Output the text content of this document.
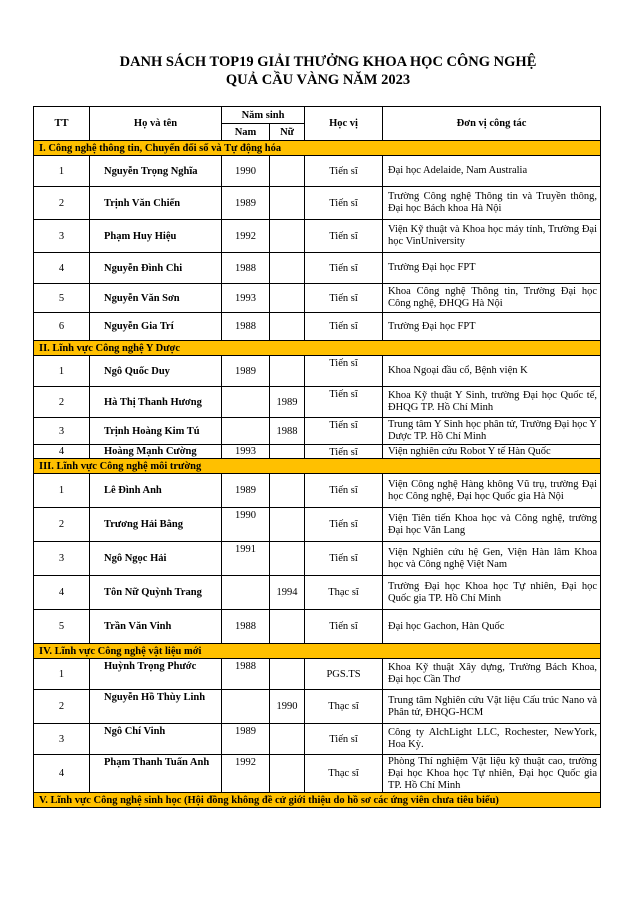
DANH SÁCH TOP19 GIẢI THƯỞNG KHOA HỌC CÔNG NGHỆ
QUẢ CẦU VÀNG NĂM 2023
TT	Họ và tên	Năm sinh		Học vị	Đơn vị công tác
		Nam	Nữ		
I. Công nghệ thông tin, Chuyển đổi số và Tự động hóa					
1	Nguyễn Trọng Nghĩa	1990		Tiến sĩ	Đại học Adelaide, Nam Australia
2	Trịnh Văn Chiến	1989		Tiến sĩ	Trường Công nghệ Thông tin và Truyền thông, Đại học Bách khoa Hà Nội
3	Phạm Huy Hiệu	1992		Tiến sĩ	Viện Kỹ thuật và Khoa học máy tính, Trường Đại học VinUniversity
4	Nguyễn Đình Chi	1988		Tiến sĩ	Trường Đại học FPT
5	Nguyễn Văn Sơn	1993		Tiến sĩ	Khoa Công nghệ Thông tin, Trường Đại học Công nghệ, ĐHQG Hà Nội
6	Nguyễn Gia Trí	1988		Tiến sĩ	Trường Đại học FPT
II. Lĩnh vực Công nghệ Y Dược					
1	Ngô Quốc Duy	1989		Tiến sĩ	Khoa Ngoại đầu cổ, Bệnh viện K
2	Hà Thị Thanh Hương		1989	Tiến sĩ	Khoa Kỹ thuật Y Sinh, trường Đại học Quốc tế, ĐHQG TP. Hồ Chí Minh
3	Trịnh Hoàng Kim Tú		1988	Tiến sĩ	Trung tâm Y Sinh học phân tử, Trường Đại học Y Dược TP. Hồ Chí Minh
4	Hoàng Mạnh Cường	1993		Tiến sĩ	Viện nghiên cứu Robot Y tế Hàn Quốc
III. Lĩnh vực Công nghệ môi trường					
1	Lê Đình Anh	1989		Tiến sĩ	Viện Công nghệ Hàng không Vũ trụ, trường Đại học Công nghệ, Đại học Quốc gia Hà Nội
2	Trương Hải Bằng	1990		Tiến sĩ	Viện Tiên tiến Khoa học và Công nghệ, trường Đại học Văn Lang
3	Ngô Ngọc Hải	1991		Tiến sĩ	Viện Nghiên cứu hệ Gen, Viện Hàn lâm Khoa học và Công nghệ Việt Nam
4	Tôn Nữ Quỳnh Trang		1994	Thạc sĩ	Trường Đại học Khoa học Tự nhiên, Đại học Quốc gia TP. Hồ Chí Minh
5	Trần Văn Vinh	1988		Tiến sĩ	Đại học Gachon, Hàn Quốc
IV. Lĩnh vực Công nghệ vật liệu mới					
1	Huỳnh Trọng Phước	1988		PGS.TS	Khoa Kỹ thuật Xây dựng, Trường Bách Khoa, Đại học Cần Thơ
2	Nguyễn Hồ Thùy Linh		1990	Thạc sĩ	Trung tâm Nghiên cứu Vật liệu Cấu trúc Nano và Phân tử, ĐHQG-HCM
3	Ngô Chí Vinh	1989		Tiến sĩ	Công ty AlchLight LLC, Rochester, NewYork, Hoa Kỳ.
4	Phạm Thanh Tuấn Anh	1992		Thạc sĩ	Phòng Thí nghiệm Vật liệu kỹ thuật cao, trường Đại học Khoa học Tự nhiên, Đại học Quốc gia TP. Hồ Chí Minh
V. Lĩnh vực Công nghệ sinh học (Hội đồng không đề cử giới thiệu do hồ sơ các ứng viên chưa tiêu biểu)					
